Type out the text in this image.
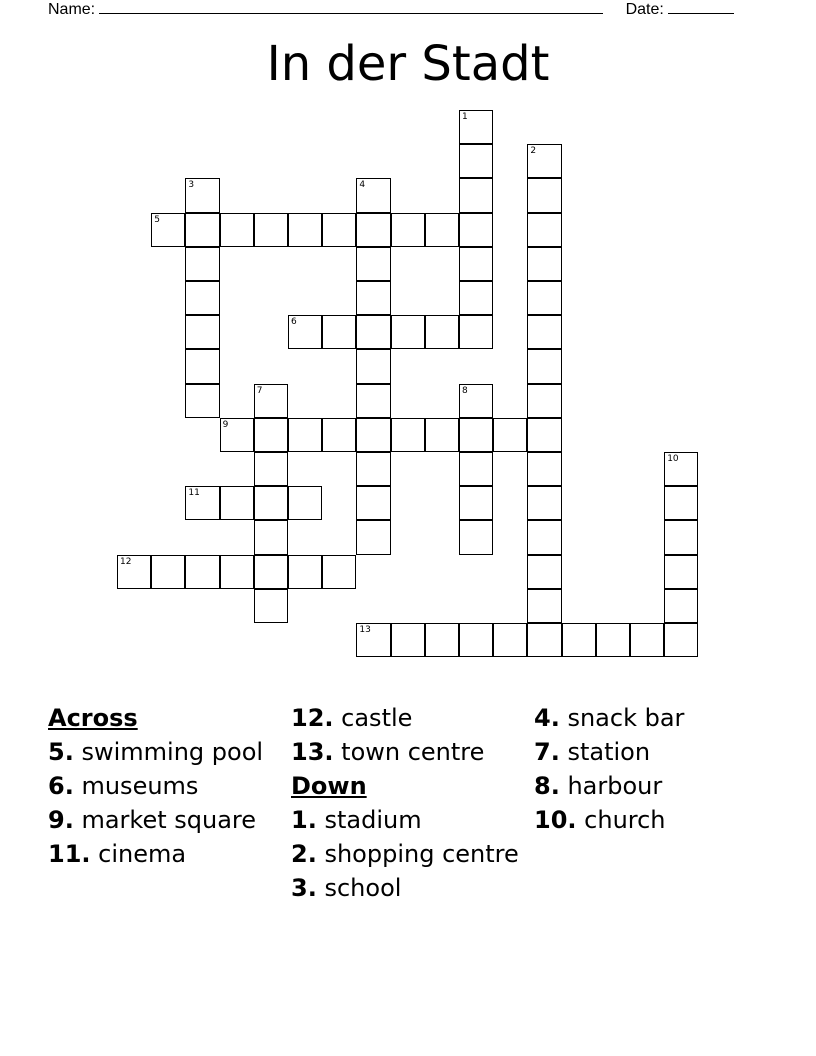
Name:	Date:
In der Stadt
1
2
3	4
5
6
7	8
9
10
11
12
13
Across
5. swimming pool
6. museums
9. market square
11. cinema
12. castle
13. town centre
Down
1. stadium
2. shopping centre
3. school
4. snack bar
7. station
8. harbour
10. church
